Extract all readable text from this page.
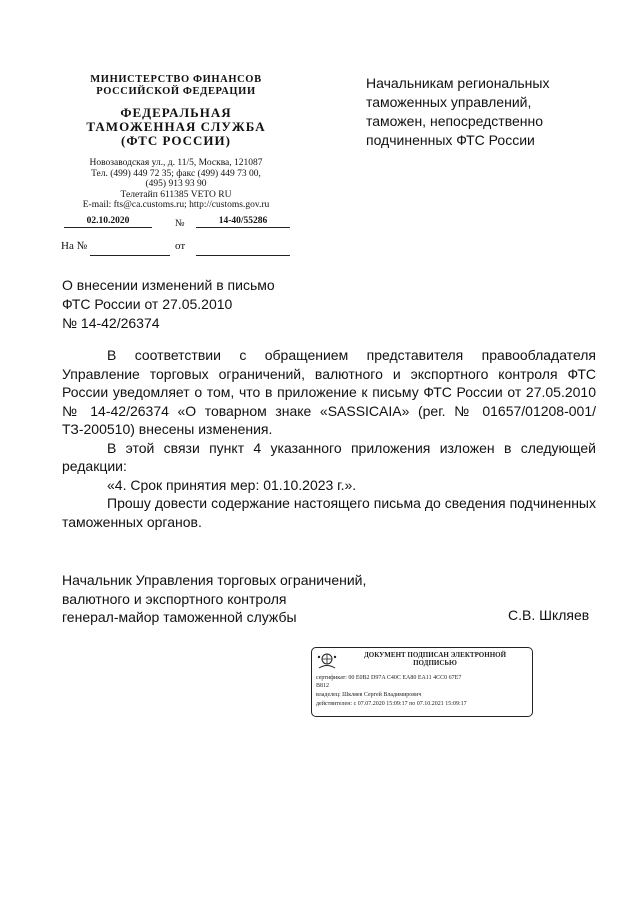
МИНИСТЕРСТВО ФИНАНСОВ
РОССИЙСКОЙ ФЕДЕРАЦИИ
ФЕДЕРАЛЬНАЯ
ТАМОЖЕННАЯ СЛУЖБА
(ФТС РОССИИ)
Новозаводская ул., д. 11/5, Москва, 121087
Тел. (499) 449 72 35; факс (499) 449 73 00,
(495) 913 93 90
Телетайп 611385 VETO RU
E-mail: fts@ca.customs.ru; http://customs.gov.ru
02.10.2020	№	14-40/55286
На №	от
Начальникам региональных
таможенных управлений,
таможен, непосредственно
подчиненных ФТС России
О внесении изменений в письмо
ФТС России от 27.05.2010
№ 14-42/26374

В соответствии с обращением представителя правообладателя Управление торговых ограничений, валютного и экспортного контроля ФТС России уведомляет о том, что в приложение к письму ФТС России от 27.05.2010 № 14-42/26374 «О товарном знаке «SASSICAIA» (рег. № 01657/01208-001/ТЗ-200510) внесены изменения.

В этой связи пункт 4 указанного приложения изложен в следующей редакции:

«4. Срок принятия мер: 01.10.2023 г.».

Прошу довести содержание настоящего письма до сведения подчиненных таможенных органов.

Начальник Управления торговых ограничений,
валютного и экспортного контроля
генерал-майор таможенной службы	С.В. Шкляев
ДОКУМЕНТ ПОДПИСАН ЭЛЕКТРОННОЙ
ПОДПИСЬЮ
сертификат: 00 E0B2 D97A C40C EA80 EA11 4CC0 67E7
B812
владелец: Шкляев Сергей Владимирович
действителен: с 07.07.2020 15:09:17 по 07.10.2021 15:09:17
